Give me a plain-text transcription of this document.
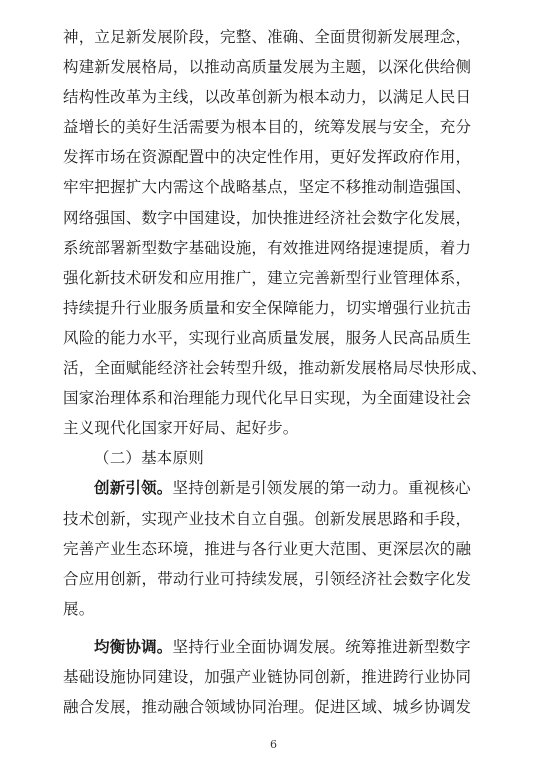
神，立足新发展阶段，完整、准确、全面贯彻新发展理念，
构建新发展格局，以推动高质量发展为主题，以深化供给侧
结构性改革为主线，以改革创新为根本动力，以满足人民日
益增长的美好生活需要为根本目的，统筹发展与安全，充分
发挥市场在资源配置中的决定性作用，更好发挥政府作用，
牢牢把握扩大内需这个战略基点，坚定不移推动制造强国、
网络强国、数字中国建设，加快推进经济社会数字化发展，
系统部署新型数字基础设施，有效推进网络提速提质，着力
强化新技术研发和应用推广，建立完善新型行业管理体系，
持续提升行业服务质量和安全保障能力，切实增强行业抗击
风险的能力水平，实现行业高质量发展，服务人民高品质生
活，全面赋能经济社会转型升级，推动新发展格局尽快形成、
国家治理体系和治理能力现代化早日实现，为全面建设社会
主义现代化国家开好局、起好步。
（二）基本原则
创新引领。坚持创新是引领发展的第一动力。重视核心
技术创新，实现产业技术自立自强。创新发展思路和手段，
完善产业生态环境，推进与各行业更大范围、更深层次的融
合应用创新，带动行业可持续发展，引领经济社会数字化发
展。
均衡协调。坚持行业全面协调发展。统筹推进新型数字
基础设施协同建设，加强产业链协同创新，推进跨行业协同
融合发展，推动融合领域协同治理。促进区域、城乡协调发
6
